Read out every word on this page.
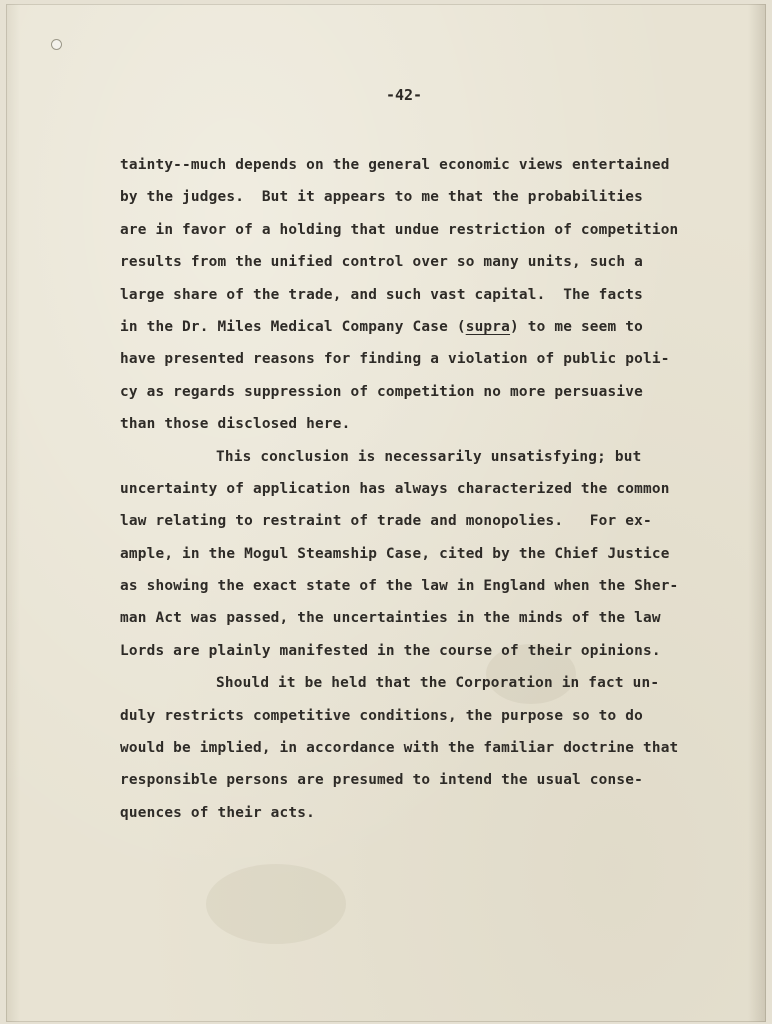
-42-
tainty--much depends on the general economic views entertained
by the judges.  But it appears to me that the probabilities
are in favor of a holding that undue restriction of competition
results from the unified control over so many units, such a
large share of the trade, and such vast capital.  The facts
in the Dr. Miles Medical Company Case (supra) to me seem to
have presented reasons for finding a violation of public poli-
cy as regards suppression of competition no more persuasive
than those disclosed here.
This conclusion is necessarily unsatisfying; but
uncertainty of application has always characterized the common
law relating to restraint of trade and monopolies.   For ex-
ample, in the Mogul Steamship Case, cited by the Chief Justice
as showing the exact state of the law in England when the Sher-
man Act was passed, the uncertainties in the minds of the law
Lords are plainly manifested in the course of their opinions.
Should it be held that the Corporation in fact un-
duly restricts competitive conditions, the purpose so to do
would be implied, in accordance with the familiar doctrine that
responsible persons are presumed to intend the usual conse-
quences of their acts.
